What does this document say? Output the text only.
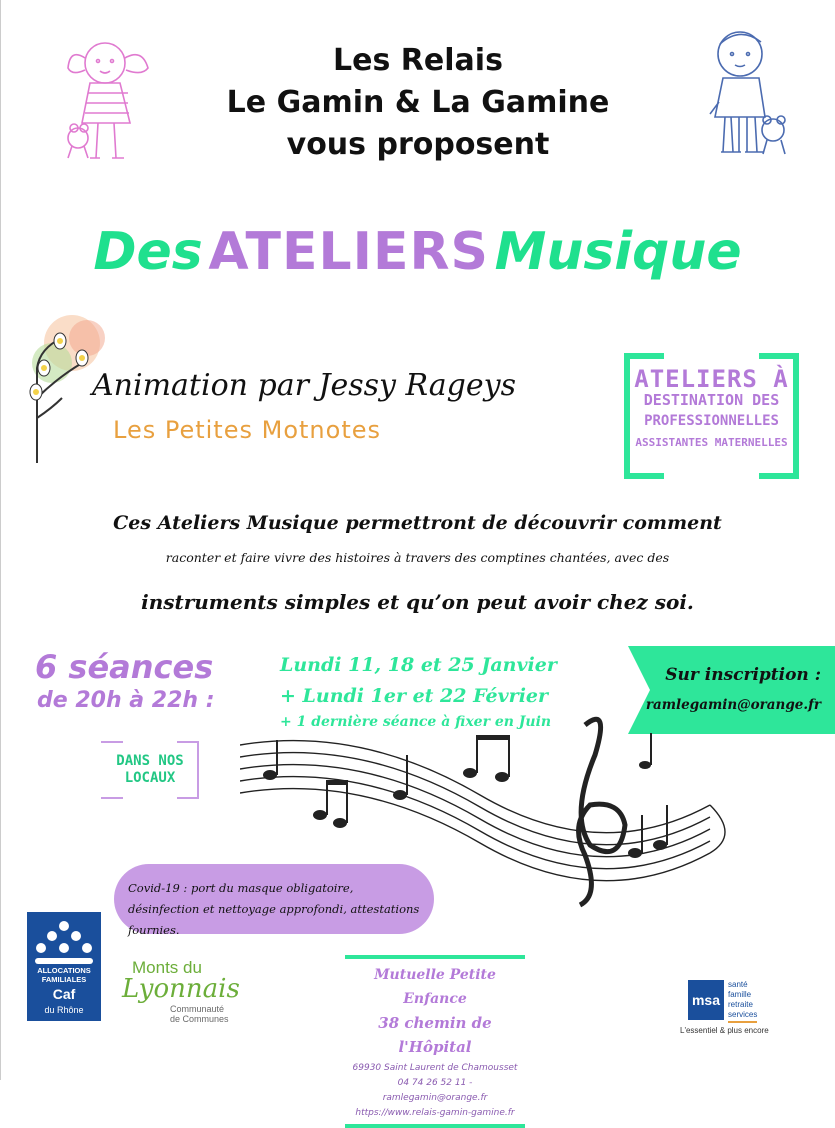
Les Relais
Le Gamin & La Gamine
vous proposent
Des ATELIERS Musique
Animation par Jessy Rageys
Les Petites Motnotes
ATELIERS À
DESTINATION DES
PROFESSIONNELLES
ASSISTANTES MATERNELLES
Ces Ateliers Musique permettront de découvrir comment
raconter et faire vivre des histoires à travers des comptines chantées, avec des
instruments simples et qu’on peut avoir chez soi.
6 séances
de 20h à 22h :
Lundi 11, 18 et 25 Janvier
+ Lundi 1er et 22 Février
+ 1 dernière séance à fixer en Juin
Sur inscription :
ramlegamin@orange.fr
DANS NOS
LOCAUX
Covid-19 : port du masque obligatoire, désinfection et nettoyage approfondi, attestations fournies.
ALLOCATIONS
FAMILIALES
Caf
du Rhône
Monts du
Lyonnais
Communauté
de Communes
Mutuelle Petite Enfance
38 chemin de l'Hôpital
69930 Saint Laurent de Chamousset
04 74 26 52 11 - ramlegamin@orange.fr
https://www.relais-gamin-gamine.fr
msa
santé
famille
retraite
services
L'essentiel & plus encore
